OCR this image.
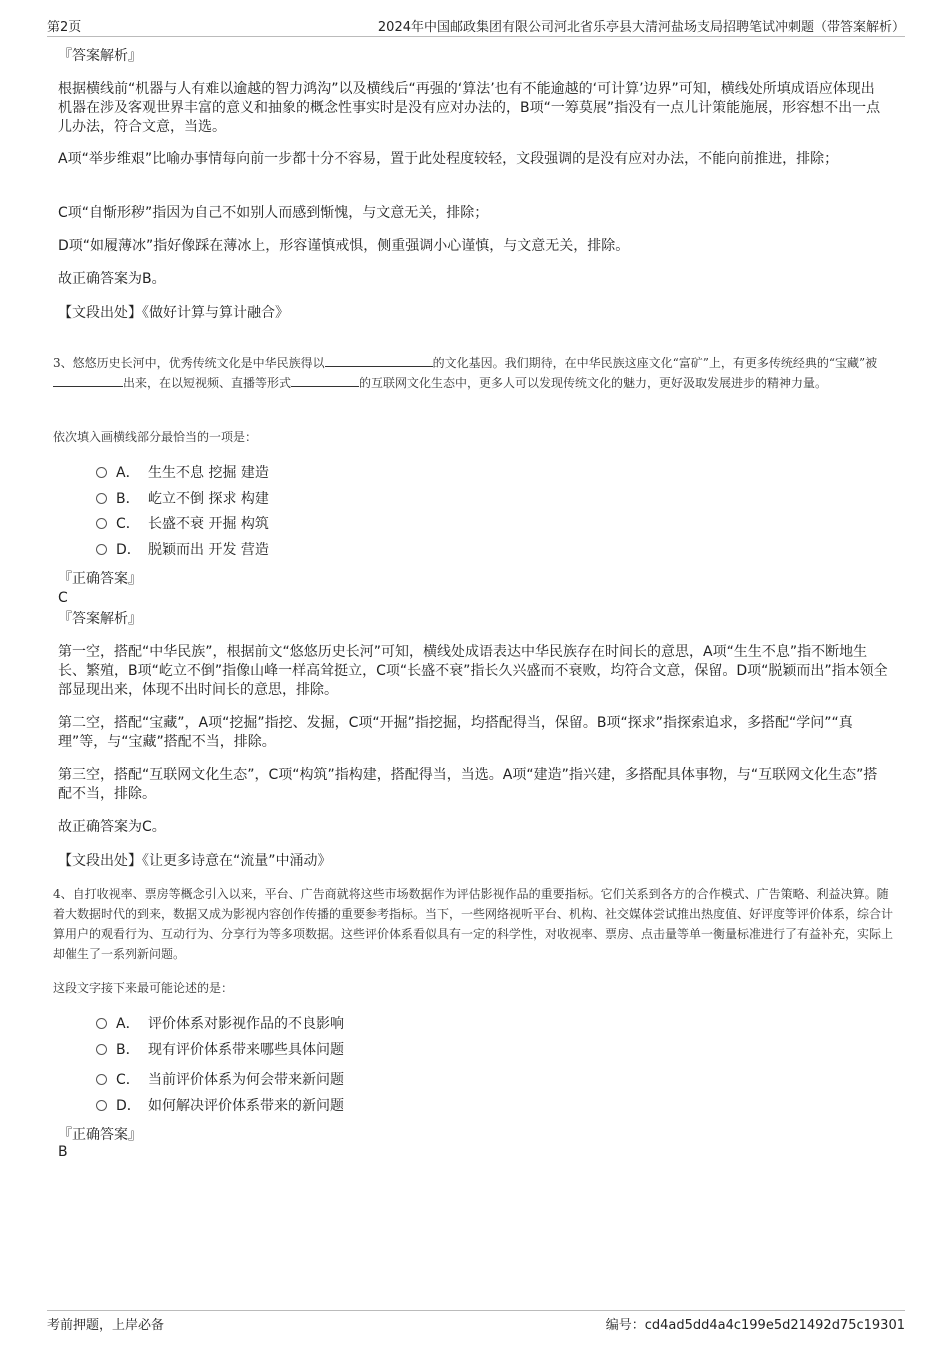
第2页	2024年中国邮政集团有限公司河北省乐亭县大清河盐场支局招聘笔试冲刺题（带答案解析）
『答案解析』

根据横线前“机器与人有难以逾越的智力鸿沟”以及横线后“再强的‘算法’也有不能逾越的‘可计算’边界”可知，横线处所填成语应体现出机器在涉及客观世界丰富的意义和抽象的概念性事实时是没有应对办法的，B项“一筹莫展”指没有一点儿计策能施展，形容想不出一点儿办法，符合文意，当选。

A项“举步维艰”比喻办事情每向前一步都十分不容易，置于此处程度较轻，文段强调的是没有应对办法，不能向前推进，排除；

C项“自惭形秽”指因为自己不如别人而感到惭愧，与文意无关，排除；

D项“如履薄冰”指好像踩在薄冰上，形容谨慎戒惧，侧重强调小心谨慎，与文意无关，排除。

故正确答案为B。

【文段出处】《做好计算与算计融合》

3、悠悠历史长河中，优秀传统文化是中华民族得以	的文化基因。我们期待，在中华民族这座文化“富矿”上，有更多传统经典的“宝藏”被出来，在以短视频、直播等形式	的互联网文化生态中，更多人可以发现传统文化的魅力，更好汲取发展进步的精神力量。

依次填入画横线部分最恰当的一项是：

A． 生生不息 挖掘 建造
B． 屹立不倒 探求 构建
C． 长盛不衰 开掘 构筑
D． 脱颖而出 开发 营造
『正确答案』
C
『答案解析』

第一空，搭配“中华民族”，根据前文“悠悠历史长河”可知，横线处成语表达中华民族存在时间长的意思，A项“生生不息”指不断地生长、繁殖，B项“屹立不倒”指像山峰一样高耸挺立，C项“长盛不衰”指长久兴盛而不衰败，均符合文意，保留。D项“脱颖而出”指本领全部显现出来，体现不出时间长的意思，排除。

第二空，搭配“宝藏”，A项“挖掘”指挖、发掘，C项“开掘”指挖掘，均搭配得当，保留。B项“探求”指探索追求，多搭配“学问”“真理”等，与“宝藏”搭配不当，排除。

第三空，搭配“互联网文化生态”，C项“构筑”指构建，搭配得当，当选。A项“建造”指兴建，多搭配具体事物，与“互联网文化生态”搭配不当，排除。

故正确答案为C。

【文段出处】《让更多诗意在“流量”中涌动》

4、自打收视率、票房等概念引入以来，平台、广告商就将这些市场数据作为评估影视作品的重要指标。它们关系到各方的合作模式、广告策略、利益决算。随着大数据时代的到来，数据又成为影视内容创作传播的重要参考指标。当下，一些网络视听平台、机构、社交媒体尝试推出热度值、好评度等评价体系，综合计算用户的观看行为、互动行为、分享行为等多项数据。这些评价体系看似具有一定的科学性，对收视率、票房、点击量等单一衡量标准进行了有益补充，实际上却催生了一系列新问题。

这段文字接下来最可能论述的是：

A． 评价体系对影视作品的不良影响
B． 现有评价体系带来哪些具体问题
C． 当前评价体系为何会带来新问题
D． 如何解决评价体系带来的新问题
『正确答案』
B
考前押题，上岸必备	编号：cd4ad5dd4a4c199e5d21492d75c19301
